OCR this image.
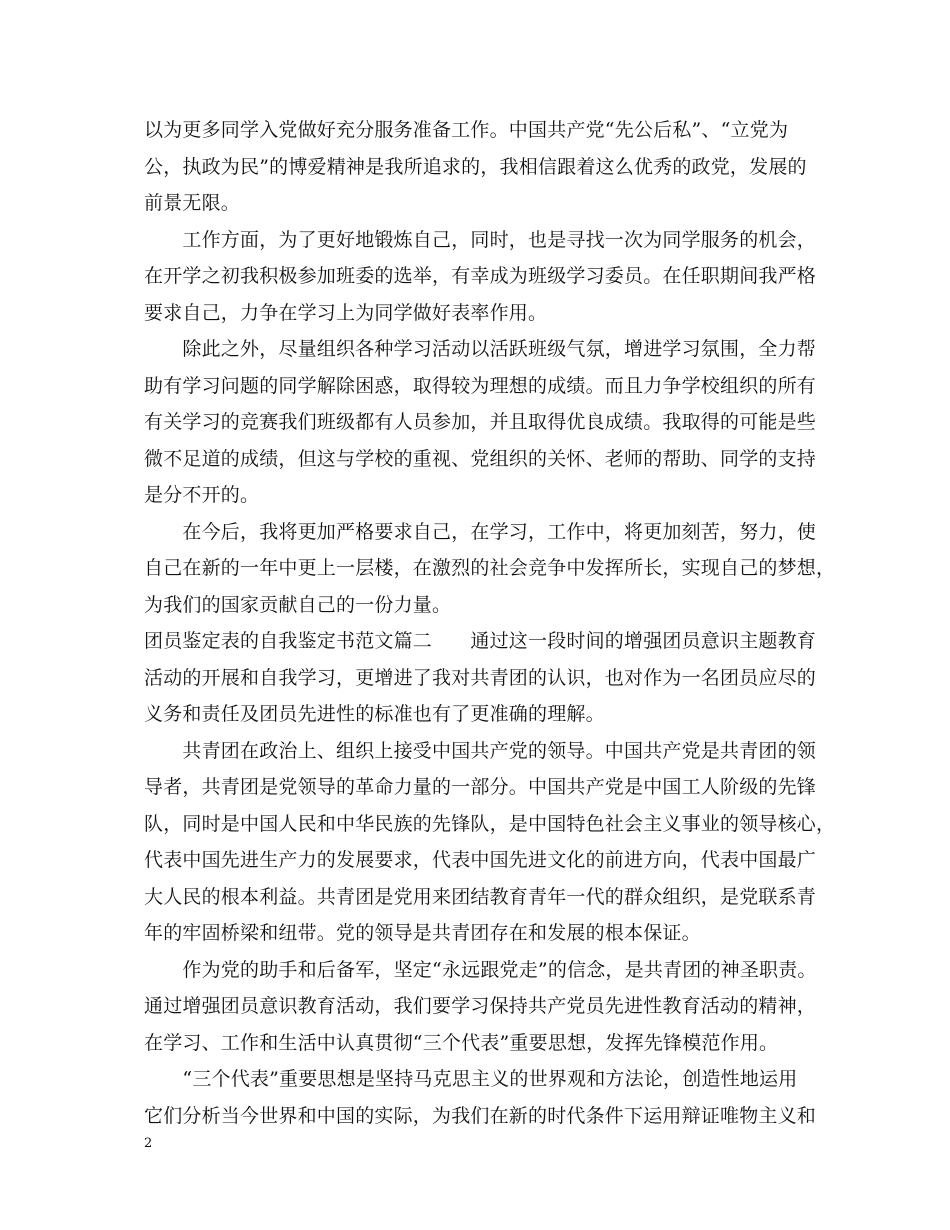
以为更多同学入党做好充分服务准备工作。中国共产党“先公后私”、“立党为
公，执政为民”的博爱精神是我所追求的，我相信跟着这么优秀的政党，发展的
前景无限。
　　工作方面，为了更好地锻炼自己，同时，也是寻找一次为同学服务的机会，
在开学之初我积极参加班委的选举，有幸成为班级学习委员。在任职期间我严格
要求自己，力争在学习上为同学做好表率作用。
　　除此之外，尽量组织各种学习活动以活跃班级气氛，增进学习氛围，全力帮
助有学习问题的同学解除困惑，取得较为理想的成绩。而且力争学校组织的所有
有关学习的竞赛我们班级都有人员参加，并且取得优良成绩。我取得的可能是些
微不足道的成绩，但这与学校的重视、党组织的关怀、老师的帮助、同学的支持
是分不开的。
　　在今后，我将更加严格要求自己，在学习，工作中，将更加刻苦，努力，使
自己在新的一年中更上一层楼，在激烈的社会竞争中发挥所长，实现自己的梦想，
为我们的国家贡献自己的一份力量。
团员鉴定表的自我鉴定书范文篇二　　通过这一段时间的增强团员意识主题教育
活动的开展和自我学习，更增进了我对共青团的认识，也对作为一名团员应尽的
义务和责任及团员先进性的标准也有了更准确的理解。
　　共青团在政治上、组织上接受中国共产党的领导。中国共产党是共青团的领
导者，共青团是党领导的革命力量的一部分。中国共产党是中国工人阶级的先锋
队，同时是中国人民和中华民族的先锋队，是中国特色社会主义事业的领导核心，
代表中国先进生产力的发展要求，代表中国先进文化的前进方向，代表中国最广
大人民的根本利益。共青团是党用来团结教育青年一代的群众组织，是党联系青
年的牢固桥梁和纽带。党的领导是共青团存在和发展的根本保证。
　　作为党的助手和后备军，坚定“永远跟党走”的信念，是共青团的神圣职责。
通过增强团员意识教育活动，我们要学习保持共产党员先进性教育活动的精神，
在学习、工作和生活中认真贯彻“三个代表”重要思想，发挥先锋模范作用。
　　“三个代表”重要思想是坚持马克思主义的世界观和方法论，创造性地运用
它们分析当今世界和中国的实际，为我们在新的时代条件下运用辩证唯物主义和
2
